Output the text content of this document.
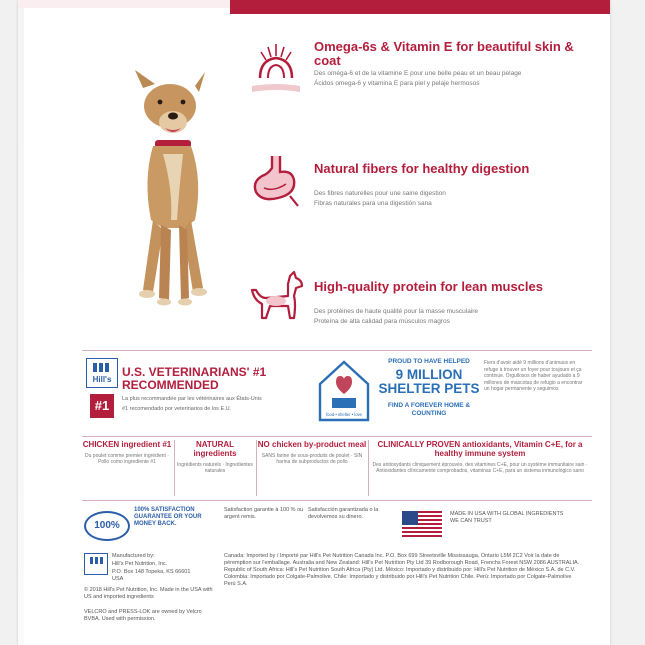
Omega-6s & Vitamin E for beautiful skin & coat
Des oméga-6 et de la vitamine E pour une belle peau et un beau pelage
Ácidos omega-6 y vitamina E para piel y pelaje hermosos
Natural fibers for healthy digestion
Des fibres naturelles pour une saine digestion
Fibras naturales para una digestión sana
High-quality protein for lean muscles
Des protéines de haute qualité pour la masse musculaire
Proteína de alta calidad para músculos magros
Hill's
U.S. VETERINARIANS' #1 RECOMMENDED
La plus recommandée par les vétérinaires aux États-Unis
#1 recomendado por veterinarios de los E.U.
#1
food • shelter • love
PROUD TO HAVE HELPED
9 MILLION SHELTER PETS
FIND A FOREVER HOME & COUNTING
Fiers d'avoir aidé 9 millions d'animaux en refuge à trouver un foyer pour toujours et ça continue. Orgullosos de haber ayudado a 9 millones de mascotas de refugio a encontrar un hogar permanente y seguimos
CHICKEN ingredient #1
Du poulet comme premier ingrédient · Pollo como ingrediente #1
NATURAL ingredients
Ingrédients naturels · Ingredientes naturales
NO chicken by-product meal
SANS farine de sous-produits de poulet · SIN harina de subproductos de pollo
CLINICALLY PROVEN antioxidants, Vitamin C+E, for a healthy immune system
Des antioxydants cliniquement éprouvés, des vitamines C+E, pour un système immunitaire sain · Antioxidantes clínicamente comprobados, vitaminas C+E, para un sistema inmunológico sano
100%
100% SATISFACTION GUARANTEE OR YOUR MONEY BACK.
Satisfaction garantie à 100 % ou argent remis.
Satisfacción garantizada o la devolvemos su dinero.	MADE IN USA WITH GLOBAL INGREDIENTS WE CAN TRUST
Manufactured by:
Hill's Pet Nutrition, Inc.
P.O. Box 148 Topeka, KS 66601 USA
© 2018 Hill's Pet Nutrition, Inc. Made in the USA with US and imported ingredients
VELCRO and PRESS-LOK are owned by Velcro BVBA. Used with permission.
Canada: Imported by / Importé par Hill's Pet Nutrition Canada Inc. P.O. Box 699 Streetsville Mississauga, Ontario L5M 2C2 Voir la date de péremption sur l'emballage. Australia and New Zealand: Hill's Pet Nutrition Pty Ltd 39 Rodborough Road, Frenchs Forest NSW 2086 AUSTRALIA. Republic of South Africa: Hill's Pet Nutrition South Africa (Pty) Ltd. México: Importado y distribuido por: Hill's Pet Nutrition de México S.A. de C.V. Colombia: Importado por Colgate-Palmolive. Chile: Importado y distribuido por Hill's Pet Nutrition Chile. Perú: Importado por Colgate-Palmolive Perú S.A.
